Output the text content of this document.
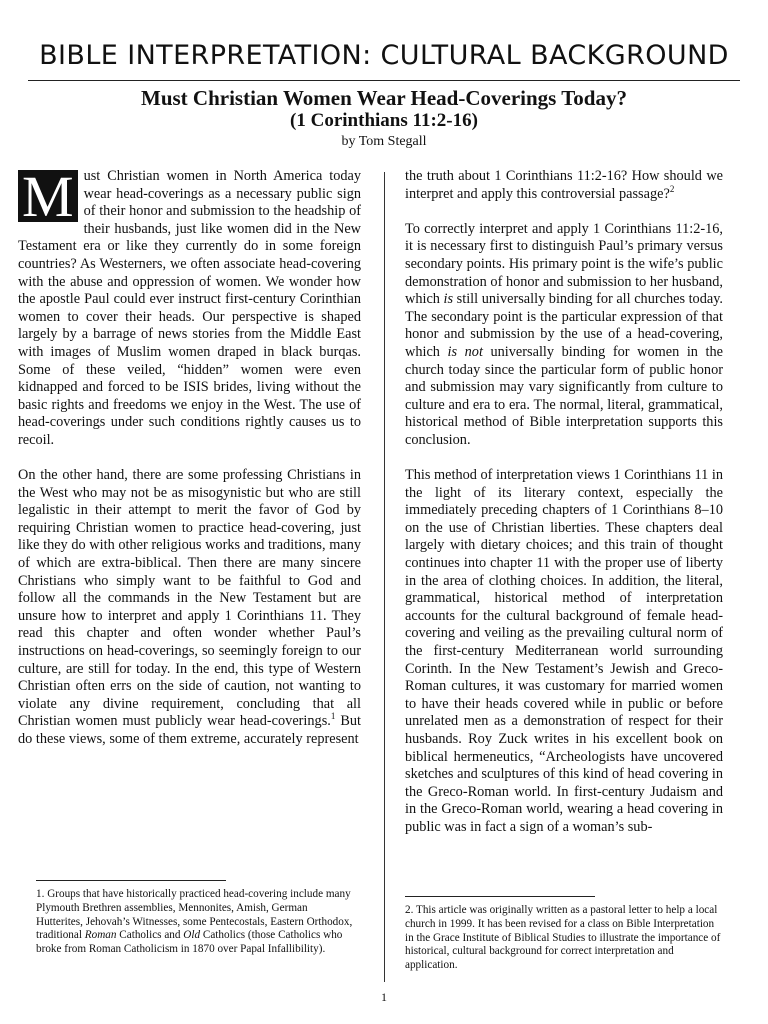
BIBLE INTERPRETATION: CULTURAL BACKGROUND
Must Christian Women Wear Head-Coverings Today?
(1 Corinthians 11:2-16)
by Tom Stegall

M ust Christian women in North America today wear head-coverings as a necessary public sign of their honor and submission to the headship of their husbands, just like women did in the New Testament era or like they currently do in some foreign countries? As Westerners, we often associate head-covering with the abuse and oppression of women. We wonder how the apostle Paul could ever instruct first-century Corinthian women to cover their heads. Our perspective is shaped largely by a barrage of news stories from the Middle East with images of Muslim women draped in black burqas. Some of these veiled, “hidden” women were even kidnapped and forced to be ISIS brides, living without the basic rights and freedoms we enjoy in the West. The use of head-coverings under such conditions rightly causes us to recoil.

On the other hand, there are some professing Christians in the West who may not be as misogynistic but who are still legalistic in their attempt to merit the favor of God by requiring Christian women to practice head-covering, just like they do with other religious works and traditions, many of which are extra-biblical. Then there are many sincere Christians who simply want to be faithful to God and follow all the commands in the New Testament but are unsure how to interpret and apply 1 Corinthians 11. They read this chapter and often wonder whether Paul’s instructions on head-coverings, so seemingly foreign to our culture, are still for today. In the end, this type of Western Christian often errs on the side of caution, not wanting to violate any divine requirement, concluding that all Christian women must publicly wear head-coverings.$^1$ But do these views, some of them extreme, accurately represent

the truth about 1 Corinthians 11:2-16? How should we interpret and apply this controversial passage?$^2$

To correctly interpret and apply 1 Corinthians 11:2-16, it is necessary first to distinguish Paul’s primary versus secondary points. His primary point is the wife’s public demonstration of honor and submission to her husband, which is still universally binding for all churches today. The secondary point is the particular expression of that honor and submission by the use of a head-covering, which is not universally binding for women in the church today since the particular form of public honor and submission may vary significantly from culture to culture and era to era. The normal, literal, grammatical, historical method of Bible interpretation supports this conclusion.

This method of interpretation views 1 Corinthians 11 in the light of its literary context, especially the immediately preceding chapters of 1 Corinthians 8–10 on the use of Christian liberties. These chapters deal largely with dietary choices; and this train of thought continues into chapter 11 with the proper use of liberty in the area of clothing choices. In addition, the literal, grammatical, historical method of interpretation accounts for the cultural background of female head-covering and veiling as the prevailing cultural norm of the first-century Mediterranean world surrounding Corinth. In the New Testament’s Jewish and Greco-Roman cultures, it was customary for married women to have their heads covered while in public or before unrelated men as a demonstration of respect for their husbands. Roy Zuck writes in his excellent book on biblical hermeneutics, “Archeologists have uncovered sketches and sculptures of this kind of head covering in the Greco-Roman world. In first-century Judaism and in the Greco-Roman world, wearing a head covering in public was in fact a sign of a woman’s sub-

1. Groups that have historically practiced head-covering include many Plymouth Brethren assemblies, Mennonites, Amish, German Hutterites, Jehovah’s Witnesses, some Pentecostals, Eastern Orthodox, traditional Roman Catholics and Old Catholics (those Catholics who broke from Roman Catholicism in 1870 over Papal Infallibility).
2. This article was originally written as a pastoral letter to help a local church in 1999. It has been revised for a class on Bible Interpretation in the Grace Institute of Biblical Studies to illustrate the importance of historical, cultural background for correct interpretation and application.
1
